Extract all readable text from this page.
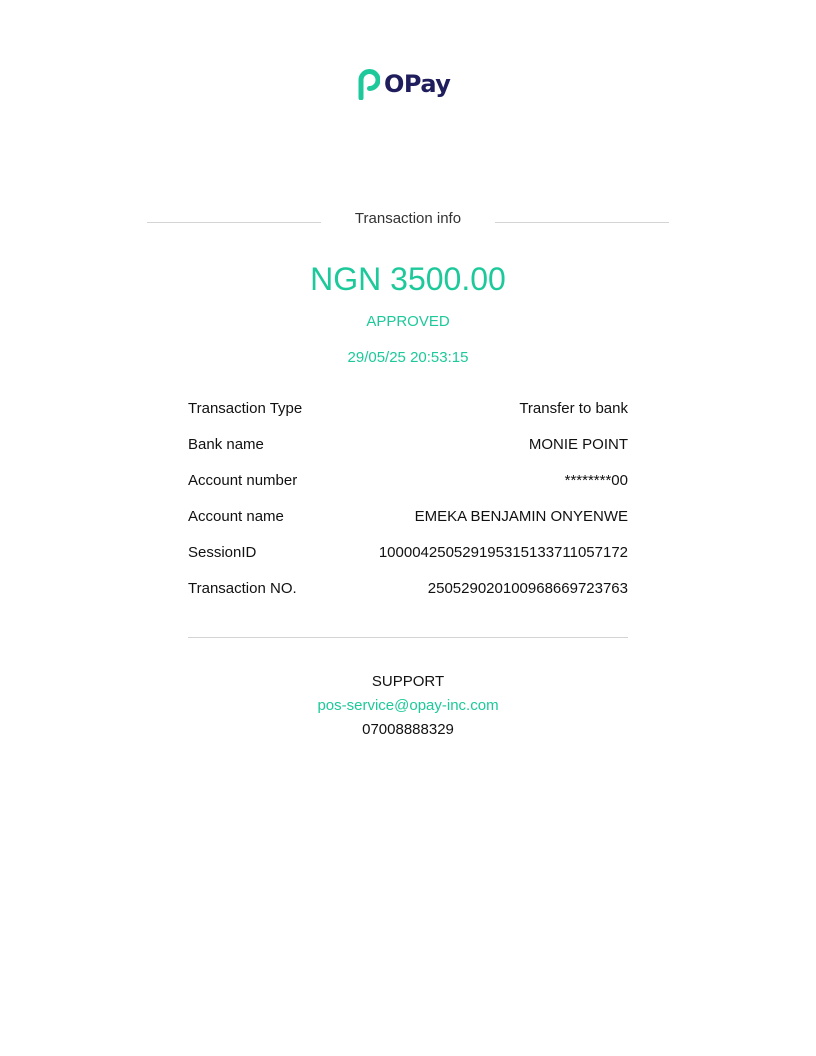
OPay
Transaction info
NGN 3500.00
APPROVED
29/05/25 20:53:15
Transaction Type	Transfer to bank
Bank name	MONIE POINT
Account number	********00
Account name	EMEKA BENJAMIN ONYENWE
SessionID	100004250529195315133711057172
Transaction NO.	250529020100968669723763
SUPPORT
pos-service@opay-inc.com
07008888329
